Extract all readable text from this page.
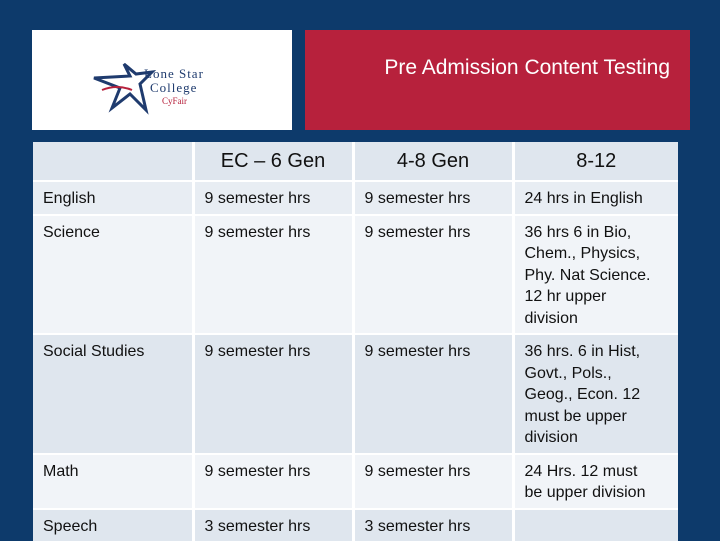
Lone Star
College
CyFair
Pre Admission Content Testing
	EC – 6 Gen	4-8 Gen	8-12
English	9 semester hrs	9 semester hrs	24 hrs in English

Science	9 semester hrs	9 semester hrs	36 hrs 6 in Bio,
Chem., Physics,
Phy. Nat Science.
12 hr upper
division

Social Studies	9 semester hrs	9 semester hrs	36 hrs. 6 in Hist,
Govt., Pols.,
Geog., Econ. 12
must be upper
division

Math	9 semester hrs	9 semester hrs	24 Hrs. 12 must
be upper division

Speech	3 semester hrs	3 semester hrs	
